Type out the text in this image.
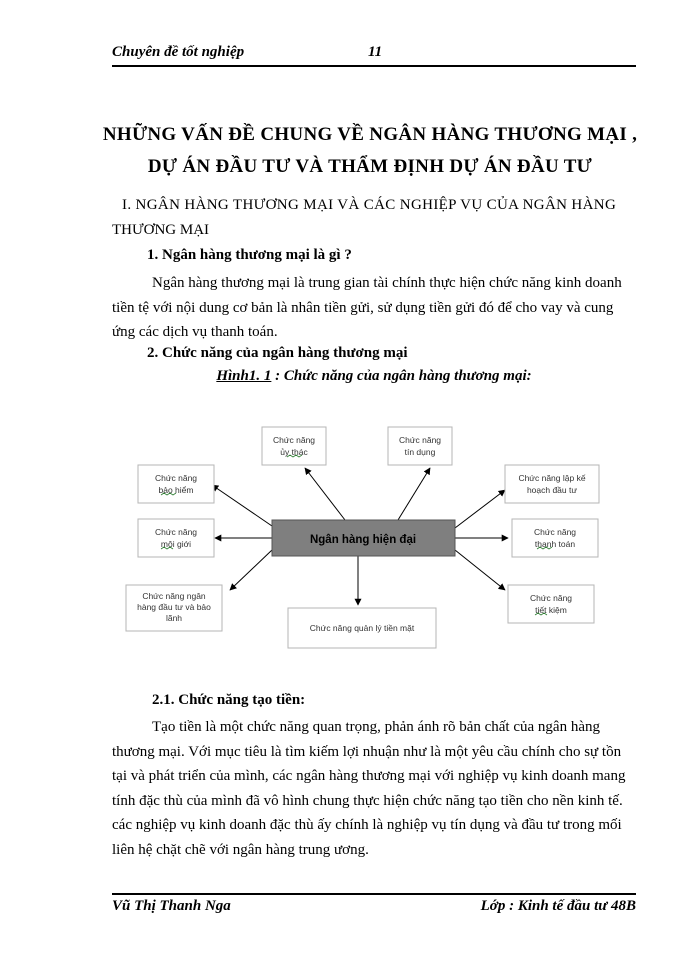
Chuyên đề tốt nghiệp	11
NHỮNG VẤN ĐỀ CHUNG VỀ NGÂN HÀNG THƯƠNG MẠI ,
DỰ ÁN ĐẦU TƯ VÀ THẨM ĐỊNH DỰ ÁN ĐẦU TƯ
I. NGÂN HÀNG THƯƠNG MẠI VÀ CÁC NGHIỆP VỤ CỦA NGÂN HÀNG
THƯƠNG MẠI
1. Ngân hàng thương mại là gì ?
Ngân hàng thương mại là trung gian tài chính thực hiện chức năng kinh doanh
tiền tệ với nội dung cơ bản là nhân tiền gửi, sử dụng tiền gửi đó để cho vay và cung
ứng các dịch vụ thanh toán.
2. Chức năng của ngân hàng thương mại
Hình1. 1 : Chức năng của ngân hàng thương mại:
Ngân hàng hiện đại
Chức năng
ủy thác
Chức năng
tín dụng
Chức năng
bảo hiểm
Chức năng
môi giới
Chức năng ngân
hàng đầu tư và bảo
lãnh
Chức năng lập kế
hoạch đầu tư
Chức năng
thanh toán
Chức năng
tiết kiệm
Chức năng quản lý tiền mặt
2.1. Chức năng tạo tiền:
Tạo tiền là một chức năng quan trọng, phản ánh rõ bản chất của ngân hàng
thương mại. Với mục tiêu là tìm kiếm lợi nhuận như là một yêu cầu chính cho sự tồn
tại và phát triển của mình, các ngân hàng thương mại với nghiệp vụ kinh doanh mang
tính đặc thù của mình đã vô hình chung thực hiện chức năng tạo tiền cho nền kinh tế.
các nghiệp vụ kinh doanh đặc thù ấy chính là nghiệp vụ tín dụng và đầu tư trong mối
liên hệ chặt chẽ với ngân hàng trung ương.
Vũ Thị Thanh Nga	Lớp : Kinh tế đầu tư 48B
